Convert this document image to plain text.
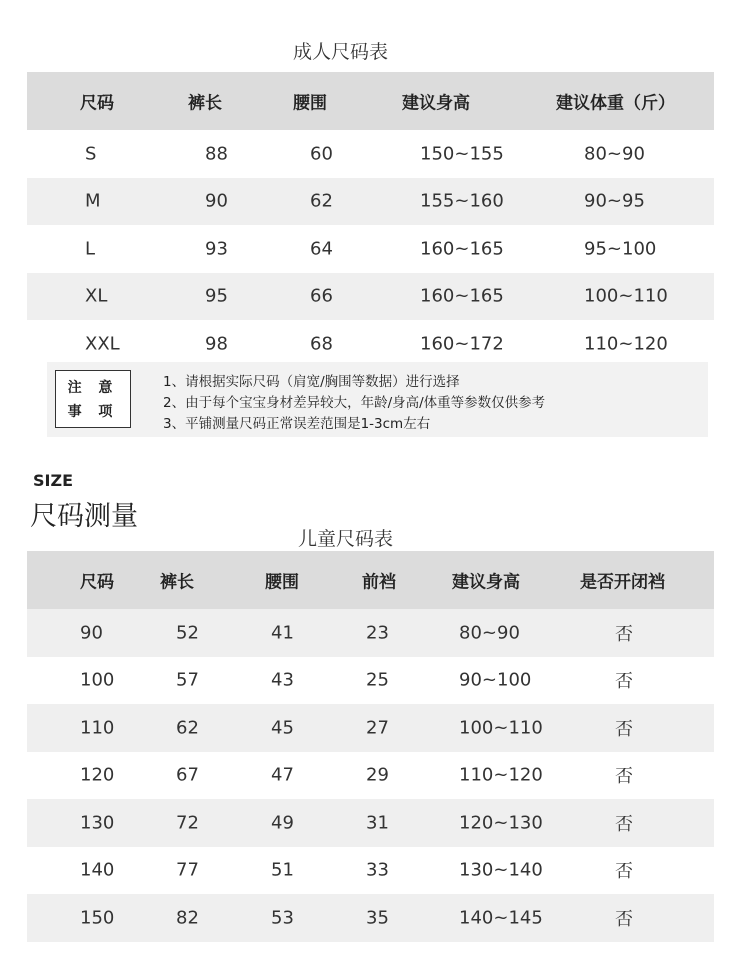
成人尺码表
尺码	裤长	腰围	建议身高	建议体重（斤）
S	88	60	150~155	80~90
M	90	62	155~160	90~95
L	93	64	160~165	95~100
XL	95	66	160~165	100~110
XXL	98	68	160~172	110~120
注 意
事 项
1、请根据实际尺码（肩宽/胸围等数据）进行选择
2、由于每个宝宝身材差异较大，年龄/身高/体重等参数仅供参考
3、平铺测量尺码正常误差范围是1-3cm左右
SIZE
尺码测量
儿童尺码表
尺码	裤长	腰围	前裆	建议身高	是否开闭裆
90	52	41	23	80~90	否
100	57	43	25	90~100	否
110	62	45	27	100~110	否
120	67	47	29	110~120	否
130	72	49	31	120~130	否
140	77	51	33	130~140	否
150	82	53	35	140~145	否
